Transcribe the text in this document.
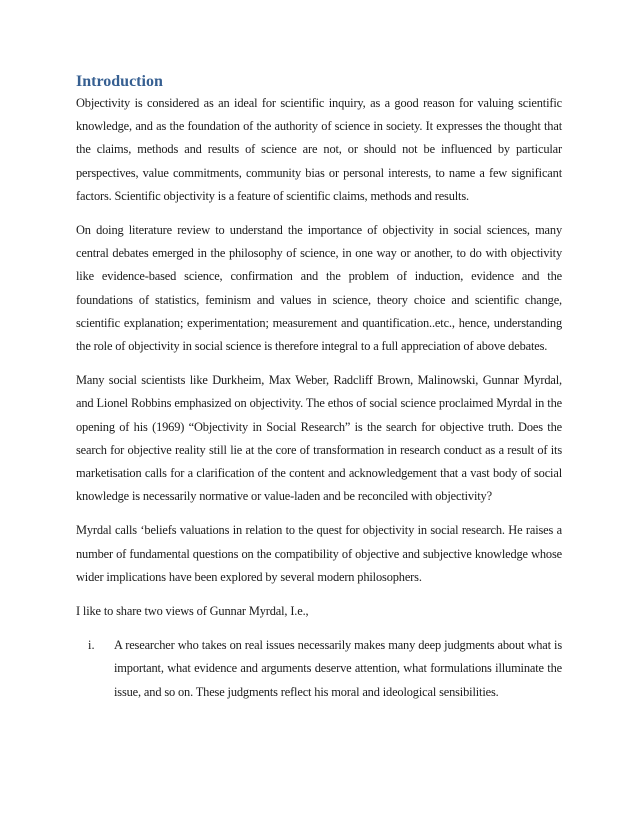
Introduction

Objectivity is considered as an ideal for scientific inquiry, as a good reason for valuing scientific knowledge, and as the foundation of the authority of science in society. It expresses the thought that the claims, methods and results of science are not, or should not be influenced by particular perspectives, value commitments, community bias or personal interests, to name a few significant factors. Scientific objectivity is a feature of scientific claims, methods and results.

On doing literature review to understand the importance of objectivity in social sciences, many central debates emerged in the philosophy of science, in one way or another, to do with objectivity like evidence-based science, confirmation and the problem of induction, evidence and the foundations of statistics, feminism and values in science, theory choice and scientific change, scientific explanation; experimentation; measurement and quantification..etc., hence, understanding the role of objectivity in social science is therefore integral to a full appreciation of above debates.

Many social scientists like Durkheim, Max Weber, Radcliff Brown, Malinowski, Gunnar Myrdal, and Lionel Robbins emphasized on objectivity. The ethos of social science proclaimed Myrdal in the opening of his (1969) “Objectivity in Social Research” is the search for objective truth. Does the search for objective reality still lie at the core of transformation in research conduct as a result of its marketisation calls for a clarification of the content and acknowledgement that a vast body of social knowledge is necessarily normative or value-laden and be reconciled with objectivity?

Myrdal calls ‘beliefs valuations in relation to the quest for objectivity in social research. He raises a number of fundamental questions on the compatibility of objective and subjective knowledge whose wider implications have been explored by several modern philosophers.

I like to share two views of Gunnar Myrdal, I.e.,

i. A researcher who takes on real issues necessarily makes many deep judgments about what is important, what evidence and arguments deserve attention, what formulations illuminate the issue, and so on. These judgments reflect his moral and ideological sensibilities.
